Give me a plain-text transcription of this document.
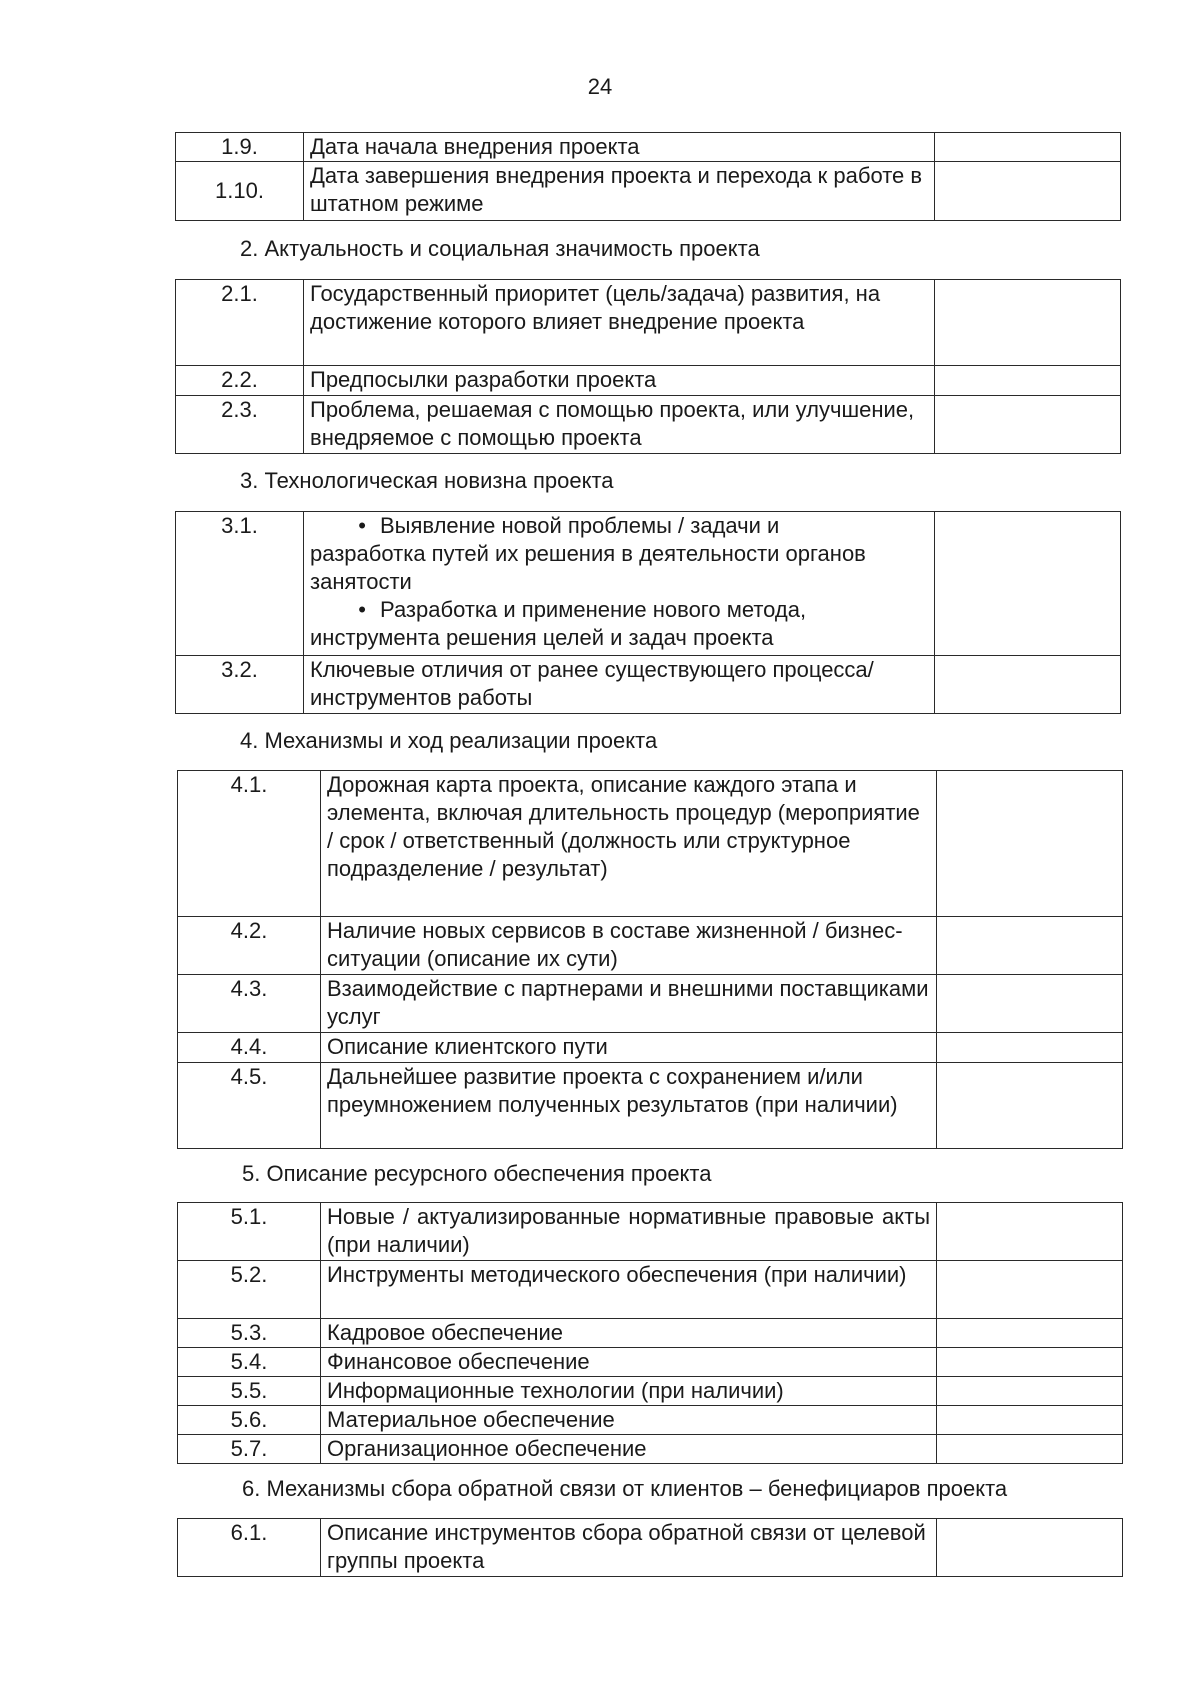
24
1.9.	Дата начала внедрения проекта	
1.10.	Дата завершения внедрения проекта и перехода к работе в штатном режиме	
2. Актуальность и социальная значимость проекта
2.1.	Государственный приоритет (цель/задача) развития, на достижение которого влияет внедрение проекта	
2.2.	Предпосылки разработки проекта	
2.3.	Проблема, решаемая с помощью проекта, или улучшение, внедряемое с помощью проекта	
3. Технологическая новизна проекта
3.1.	• Выявление новой проблемы / задачи и
разработка путей их решения в деятельности органов занятости
• Разработка и применение нового метода,
инструмента решения целей и задач проекта	

3.2.	Ключевые отличия от ранее существующего процесса/инструментов работы	
4. Механизмы и ход реализации проекта
4.1.	Дорожная карта проекта, описание каждого этапа и элемента, включая длительность процедур (мероприятие / срок / ответственный (должность или структурное подразделение / результат)	
4.2.	Наличие новых сервисов в составе жизненной / бизнес-ситуации (описание их сути)	
4.3.	Взаимодействие с партнерами и внешними поставщиками услуг	
4.4.	Описание клиентского пути	
4.5.	Дальнейшее развитие проекта с сохранением и/или преумножением полученных результатов (при наличии)	
5. Описание ресурсного обеспечения проекта
5.1.	Новые / актуализированные нормативные правовые акты (при наличии)	
5.2.	Инструменты методического обеспечения (при наличии)	
5.3.	Кадровое обеспечение	
5.4.	Финансовое обеспечение	
5.5.	Информационные технологии (при наличии)	
5.6.	Материальное обеспечение	
5.7.	Организационное обеспечение	
6. Механизмы сбора обратной связи от клиентов – бенефициаров проекта
6.1.	Описание инструментов сбора обратной связи от целевой группы проекта	
